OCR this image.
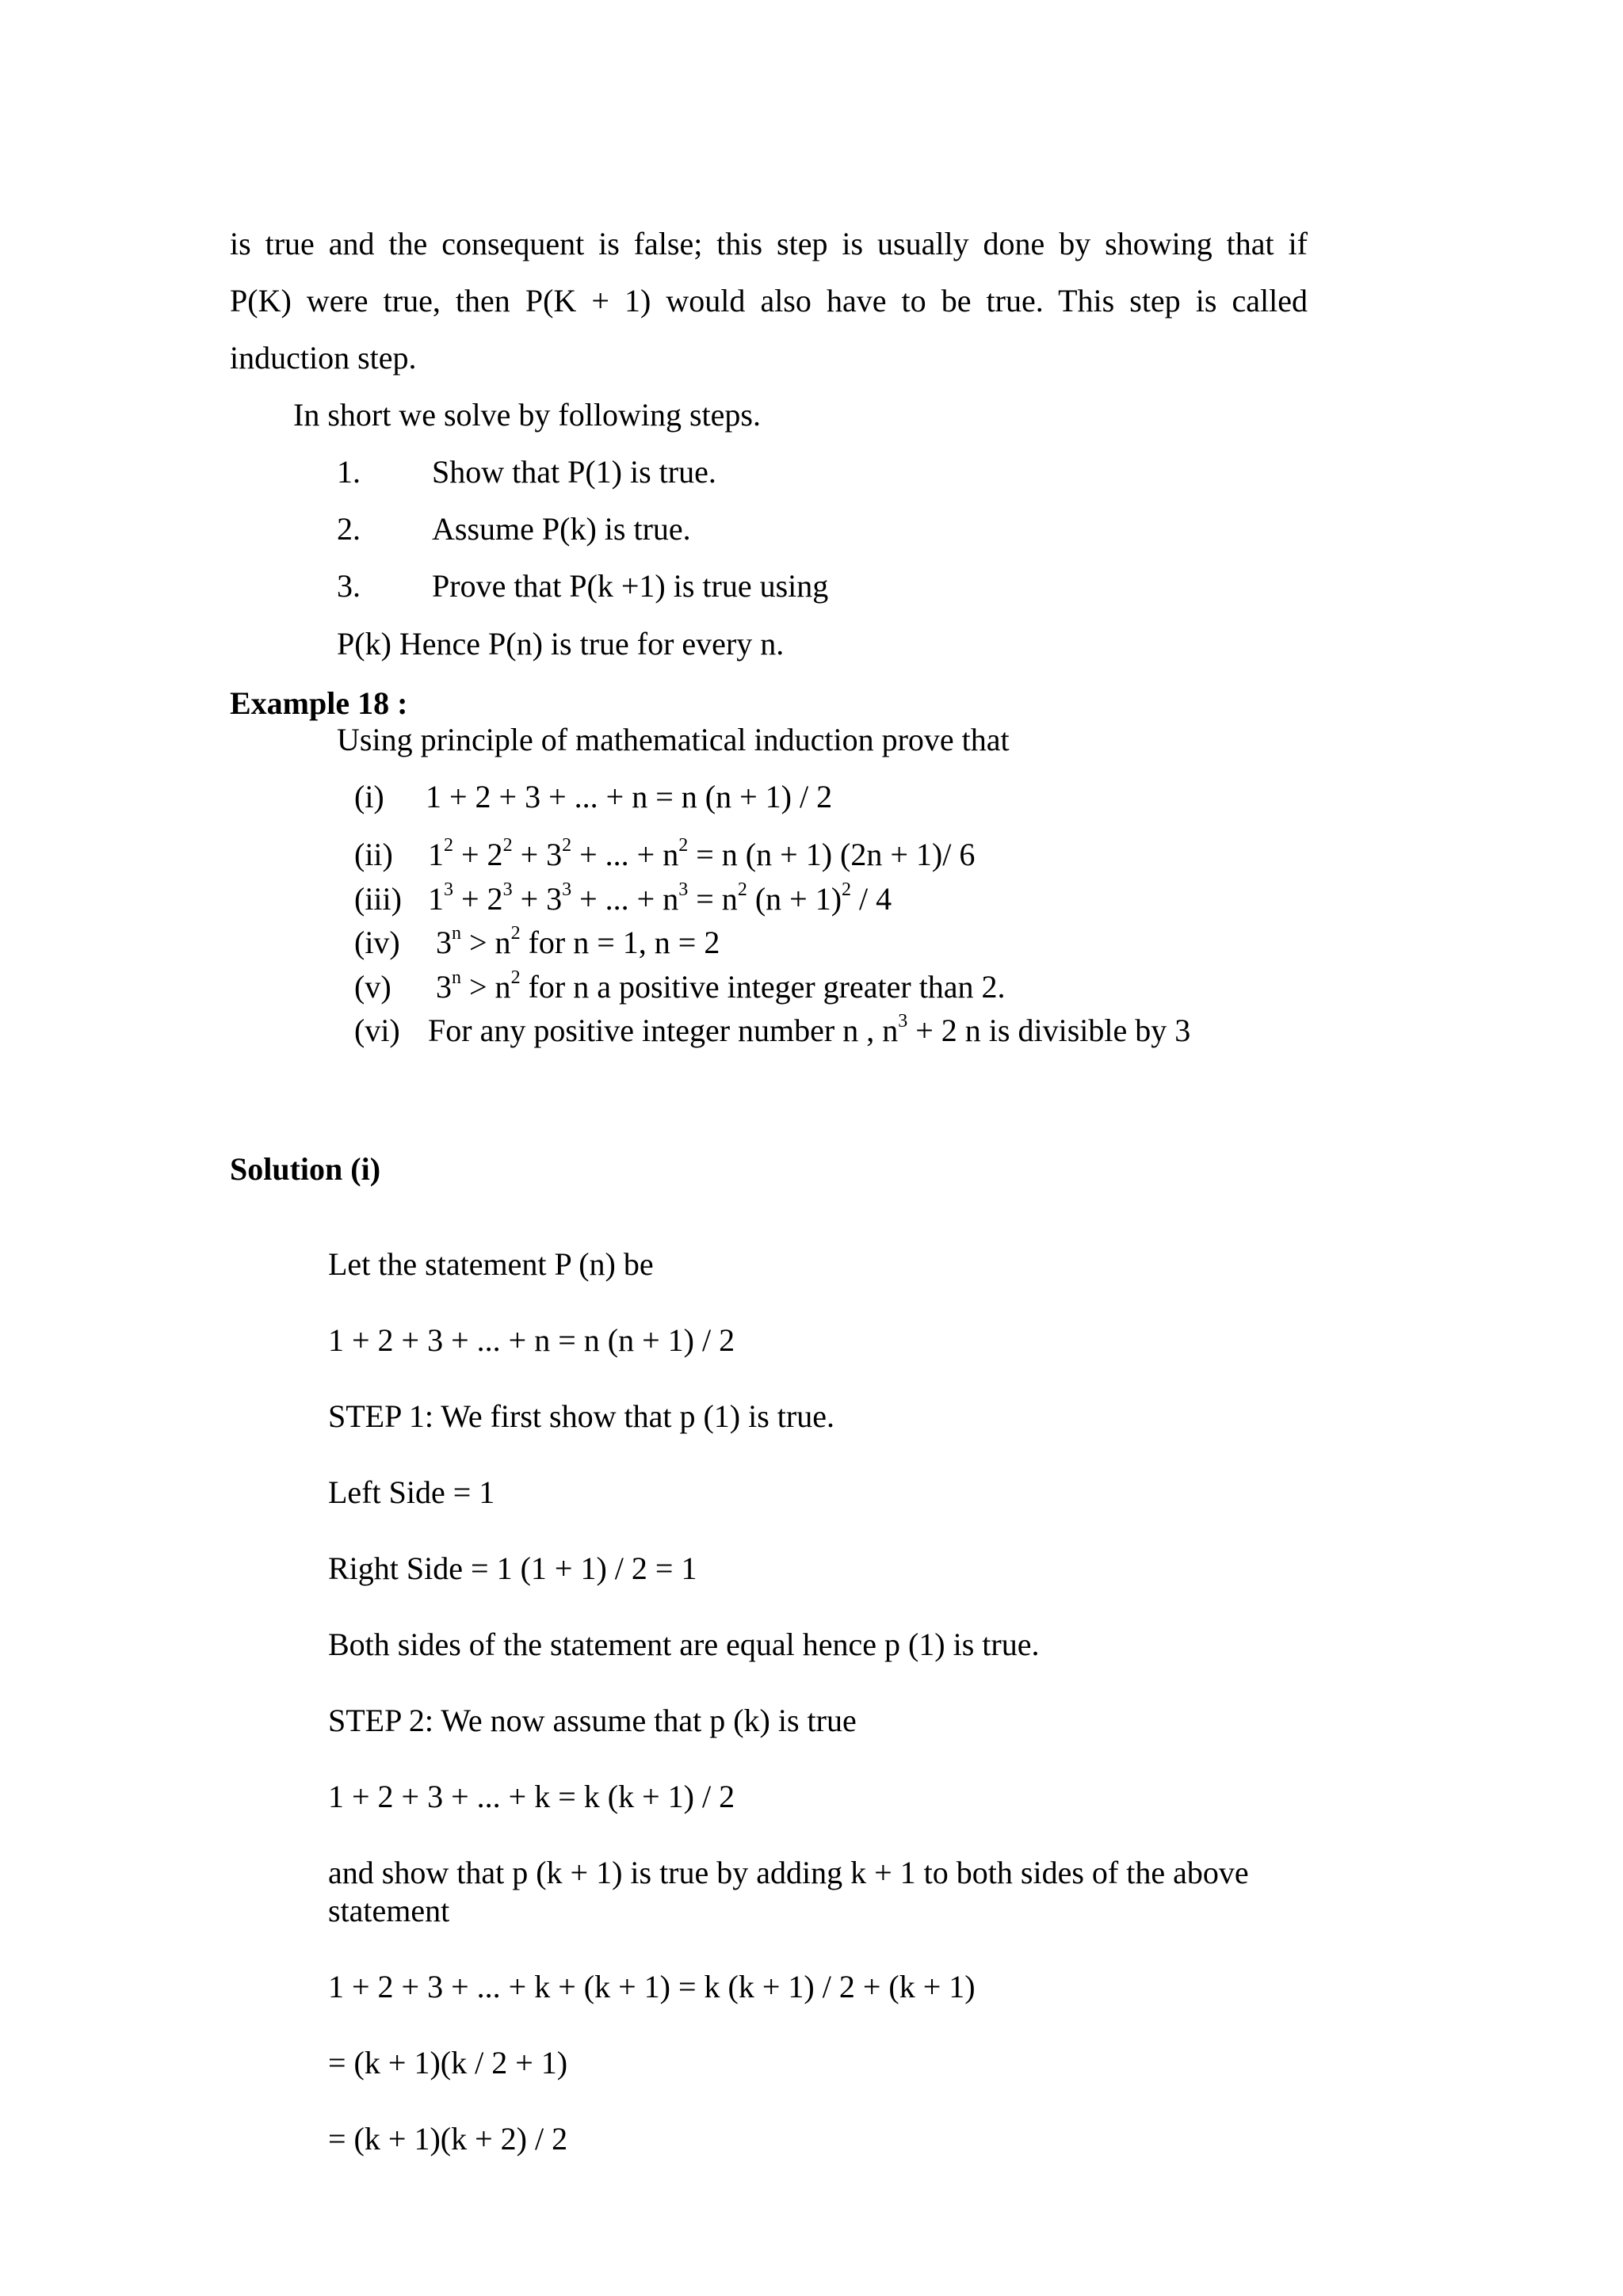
is true and the consequent is false; this step is usually done by showing that if
P(K) were true, then P(K + 1) would also have to be true. This step is called
induction step.
In short we solve by following steps.
1. Show that P(1) is true.
2. Assume P(k) is true.
3. Prove that P(k +1) is true using
P(k) Hence P(n) is true for every n.
Example 18 :
Using principle of mathematical induction prove that
(i) 1 + 2 + 3 + ... + n = n (n + 1) / 2
(ii) $1^2 + 2^2 + 3^2$ + ... + $n^2 = n$ (n + 1) (2n + 1)/ 6
(iii) $1^3 + 2^3 + 3^3$ + ... + $n^3 = n^2$ $(n + 1)^2 / 4$
(iv) $3^n > n^2$ for n = 1, n = 2
(v) $3^n > n^2$ for n a positive integer greater than 2.
(vi) For any positive integer number n , $n^3 + 2$ n is divisible by 3
Solution (i)
Let the statement P (n) be
1 + 2 + 3 + ... + n = n (n + 1) / 2
STEP 1: We first show that p (1) is true.
Left Side = 1
Right Side = 1 (1 + 1) / 2 = 1
Both sides of the statement are equal hence p (1) is true.
STEP 2: We now assume that p (k) is true
1 + 2 + 3 + ... + k = k (k + 1) / 2
and show that p (k + 1) is true by adding k + 1 to both sides of the above
statement
1 + 2 + 3 + ... + k + (k + 1) = k (k + 1) / 2 + (k + 1)
= (k + 1)(k / 2 + 1)
= (k + 1)(k + 2) / 2
